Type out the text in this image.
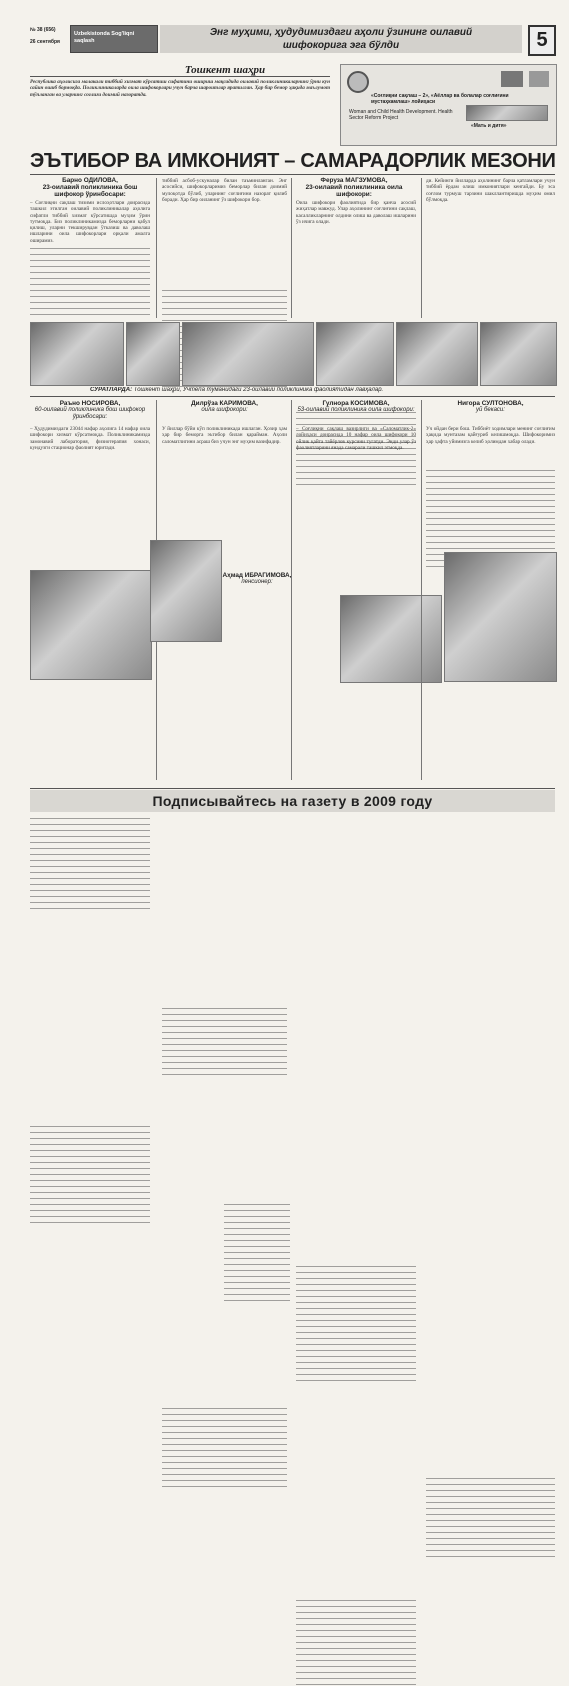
№ 38 (656)
26 сентября
Uzbekistonda Sog'liqni saqlash
Энг муҳими, ҳудудимиздаги аҳоли ўзининг оилавий
шифокорига эга бўлди	5
Тошкент шаҳри
Республика аҳолисига малакали тиббий хизмат кўрсатиш сифатини ошириш мақсадида оилавий поликлиникаларнинг ўрни кун сайин ошиб бормоқда. Поликлиникаларда оила шифокорлари учун барча шароитлар яратилган. Ҳар бир бемор ҳақида маълумот тўпланган ва уларнинг соғлиғи доимий назоратда.	«Соғлиқни сақлаш – 2», «Аёллар ва болалар соғлиғини мустаҳкамлаш» лойиҳаси
Woman and Child Health Development. Health Sector Reform Project
«Мать и дитя»
ЭЪТИБОР ВА ИМКОНИЯТ – САМАРАДОРЛИК МЕЗОНИ
Барно ОДИЛОВА,
23-оилавий поликлиника бош шифокор ўринбосари:
Феруза МАГЗУМОВА,
23-оилавий поликлиника оила шифокори:
– Соғлиқни сақлаш тизими ислоҳотлари доирасида ташкил этилган оилавий поликлиникалар аҳолига сифатли тиббий хизмат кўрсатишда муҳим ўрин тутмоқда. Биз поликлиникамизда беморларни қабул қилиш, уларни текширувдан ўтказиш ва даволаш ишларини оила шифокорлари орқали амалга оширамиз.
тиббий асбоб-ускуналар билан таъминланган. Энг асосийси, шифокорларимиз беморлар билан доимий мулоқотда бўлиб, уларнинг соғлиғини назорат қилиб боради. Ҳар бир оиланинг ўз шифокори бор.
Оила шифокори фаолиятида бир қанча асосий жиҳатлар мавжуд. Улар аҳолининг соғлиғини сақлаш, касалликларнинг олдини олиш ва даволаш ишларини ўз ичига олади.
ди. Кейинги йилларда аҳолининг барча қатламлари учун тиббий ёрдам олиш имкониятлари кенгайди. Бу эса соғлом турмуш тарзини шакллантиришда муҳим омил бўлмоқда.
СУРАТЛАРДА: Тошкент шаҳри, Учтепа туманидаги 23-оилавий поликлиника фаолиятидан лавҳалар.
Раъно НОСИРОВА,
60-оилавий поликлиника бош шифокор ўринбосари:
Дилрўза КАРИМОВА,
оила шифокори:
Гулнора КОСИМОВА,
53-оилавий поликлиника оила шифокори:
Нигора СУЛТОНОВА,
уй бекаси:
– Ҳудудимиздаги 23044 нафар аҳолига 14 нафар оила шифокори хизмат кўрсатмоқда. Поликлиникамизда замонавий лаборатория, физиотерапия хонаси, кундузги стационар фаолият юритади.
У йиллар бўйи кўп поликлиникада ишлаган. Ҳозир ҳам ҳар бир беморга эътибор билан қарайман. Аҳоли саломатлигини асраш биз учун энг муҳим вазифадир.
Аҳмад ИБРАГИМОВА,
пенсионер:
– Соғлиқни сақлаш вазирлиги ва «Саломатлик-2» лойиҳаси доирасида 10 нафар оила шифокори 10 ойлик қайта тайёрлов курсини тугатди. Энди улар ўз фаолиятларини янада самарали ташкил этмоқда.
Уч ойдан бери бош. Тиббиёт ходимлари менинг соғлиғим ҳақида мунтазам қайғуриб келишмоқда. Шифокоримиз ҳар ҳафта уйимизга келиб ҳолимдан хабар олади.
Подписывайтесь на газету в 2009 году
